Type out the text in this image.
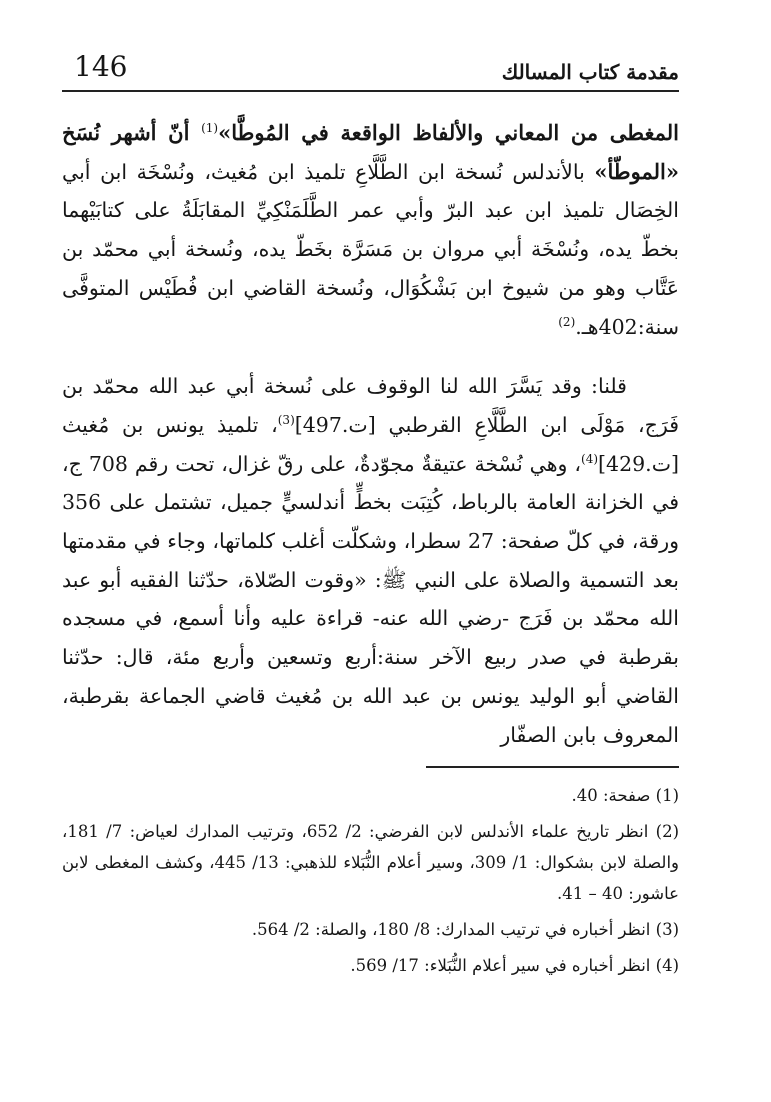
مقدمة كتاب المسالك
146

المغطى من المعاني والألفاظ الواقعة في المُوطَّا»$^{(1)}$ أنّ أشهر نُسَخ «الموطّأ» بالأندلس نُسخة ابن الطَّلَّاعِ تلميذ ابن مُغيث، ونُسْخَة ابن أبي الخِصَال تلميذ ابن عبد البرّ وأبي عمر الطَّلَمَنْكِيِّ المقابَلَةُ على كتابَيْهما بخطّ يده، ونُسْخَة أبي مروان بن مَسَرَّة بخَطّ يده، ونُسخة أبي محمّد بن عَتَّاب وهو من شيوخ ابن بَشْكُوَال، ونُسخة القاضي ابن فُطَيْس المتوفَّى سنة:402هـ.$^{(2)}$

قلنا: وقد يَسَّرَ الله لنا الوقوف على نُسخة أبي عبد الله محمّد بن فَرَج، مَوْلَى ابن الطَّلَّاعِ القرطبي [ت.497]$^{(3)}$، تلميذ يونس بن مُغيث [ت.429]$^{(4)}$، وهي نُسْخة عتيقةٌ مجوّدةٌ، على رقّ غزال، تحت رقم 708 ج، في الخزانة العامة بالرباط، كُتِبَت بخطٍّ أندلسيٍّ جميل، تشتمل على 356 ورقة، في كلّ صفحة: 27 سطرا، وشكلّت أغلب كلماتها، وجاء في مقدمتها بعد التسمية والصلاة على النبي ﷺ: «وقوت الصّلاة، حدّثنا الفقيه أبو عبد الله محمّد بن فَرَج -رضي الله عنه- قراءة عليه وأنا أسمع، في مسجده بقرطبة في صدر ربيع الآخر سنة:أربع وتسعين وأربع مئة، قال: حدّثنا القاضي أبو الوليد يونس بن عبد الله بن مُغيث قاضي الجماعة بقرطبة، المعروف بابن الصفّار

(1) صفحة: 40.

(2) انظر تاريخ علماء الأندلس لابن الفرضي: 2/ 652، وترتيب المدارك لعياض: 7/ 181، والصلة لابن بشكوال: 1/ 309، وسير أعلام النُّبَلاء للذهبي: 13/ 445، وكشف المغطى لابن عاشور: 40 – 41.

(3) انظر أخباره في ترتيب المدارك: 8/ 180، والصلة: 2/ 564.

(4) انظر أخباره في سير أعلام النُّبَلاء: 17/ 569.
